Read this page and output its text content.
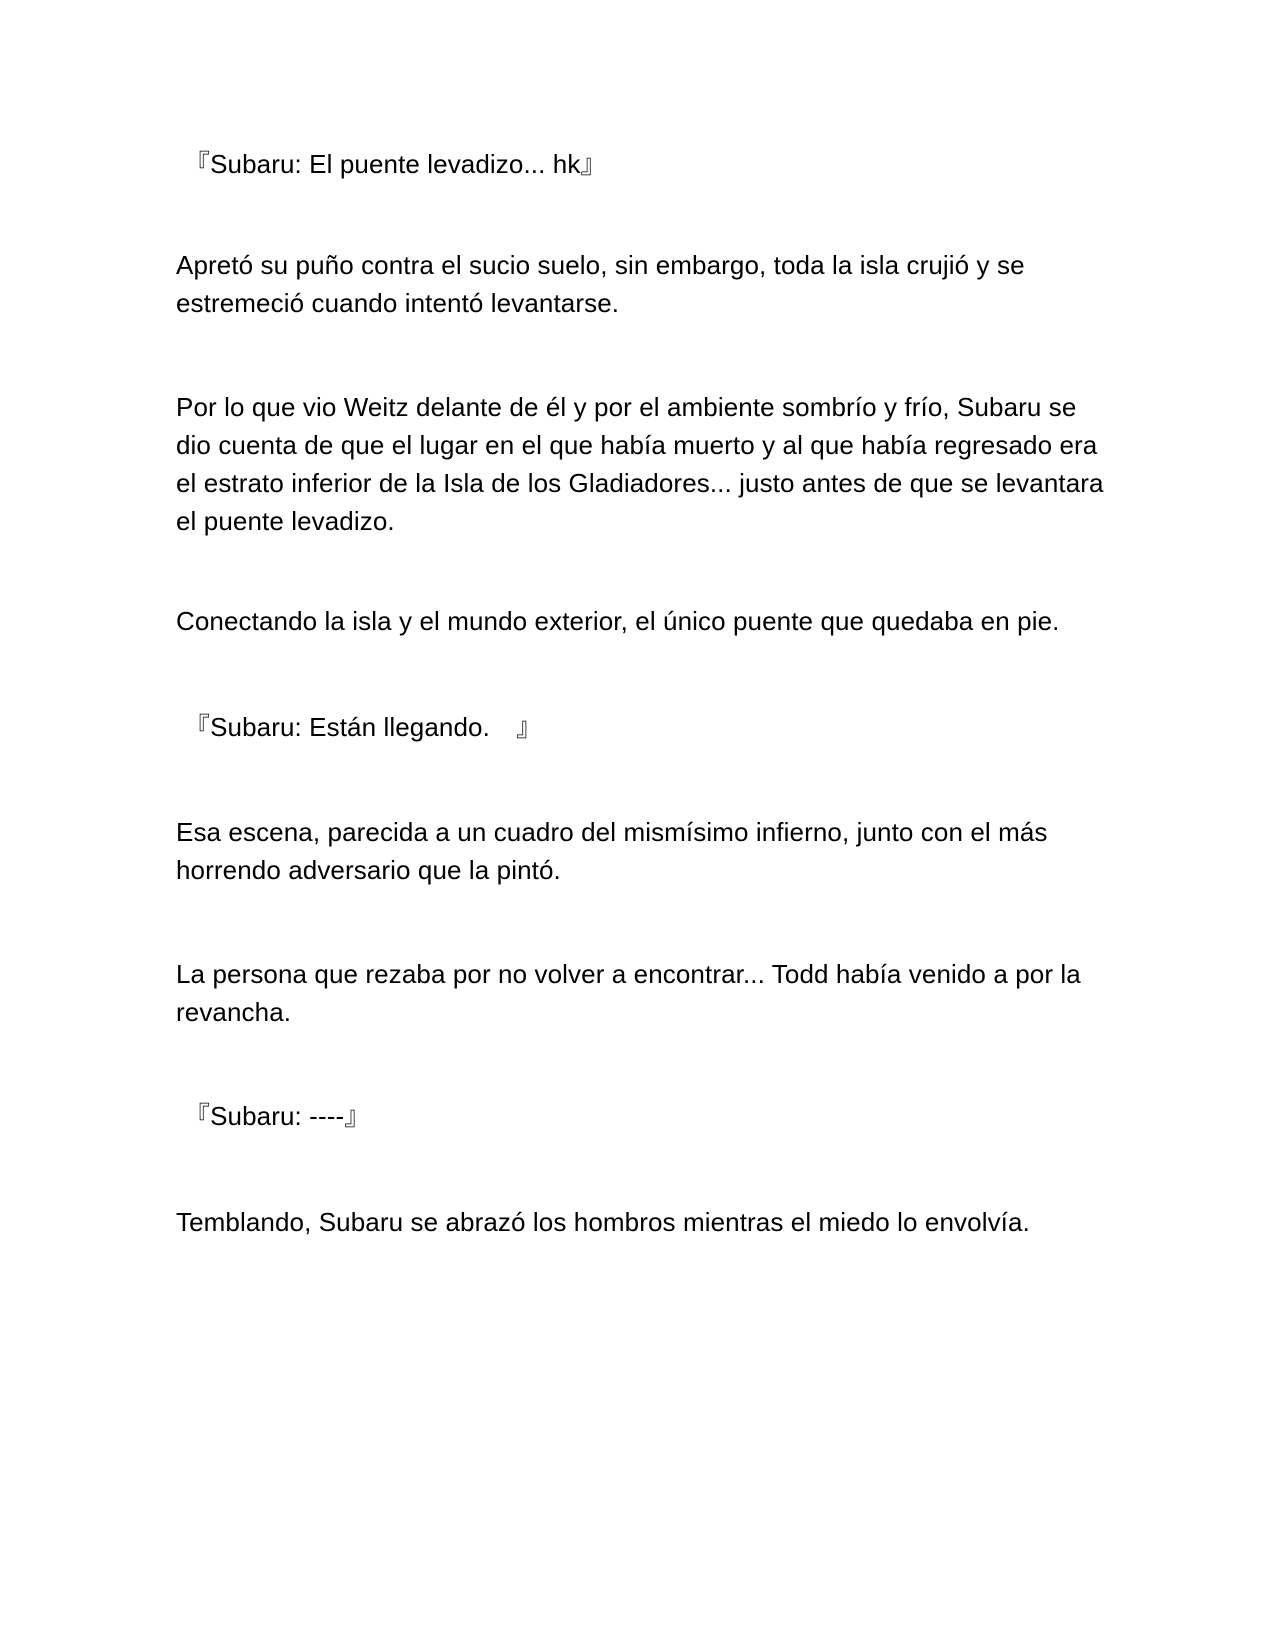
『Subaru: El puente levadizo... hk』

Apretó su puño contra el sucio suelo, sin embargo, toda la isla crujió y se estremeció cuando intentó levantarse.

Por lo que vio Weitz delante de él y por el ambiente sombrío y frío, Subaru se dio cuenta de que el lugar en el que había muerto y al que había regresado era el estrato inferior de la Isla de los Gladiadores... justo antes de que se levantara el puente levadizo.

Conectando la isla y el mundo exterior, el único puente que quedaba en pie.

『Subaru: Están llegando.　』

Esa escena, parecida a un cuadro del mismísimo infierno, junto con el más horrendo adversario que la pintó.

La persona que rezaba por no volver a encontrar... Todd había venido a por la revancha.

『Subaru: ----』

Temblando, Subaru se abrazó los hombros mientras el miedo lo envolvía.
